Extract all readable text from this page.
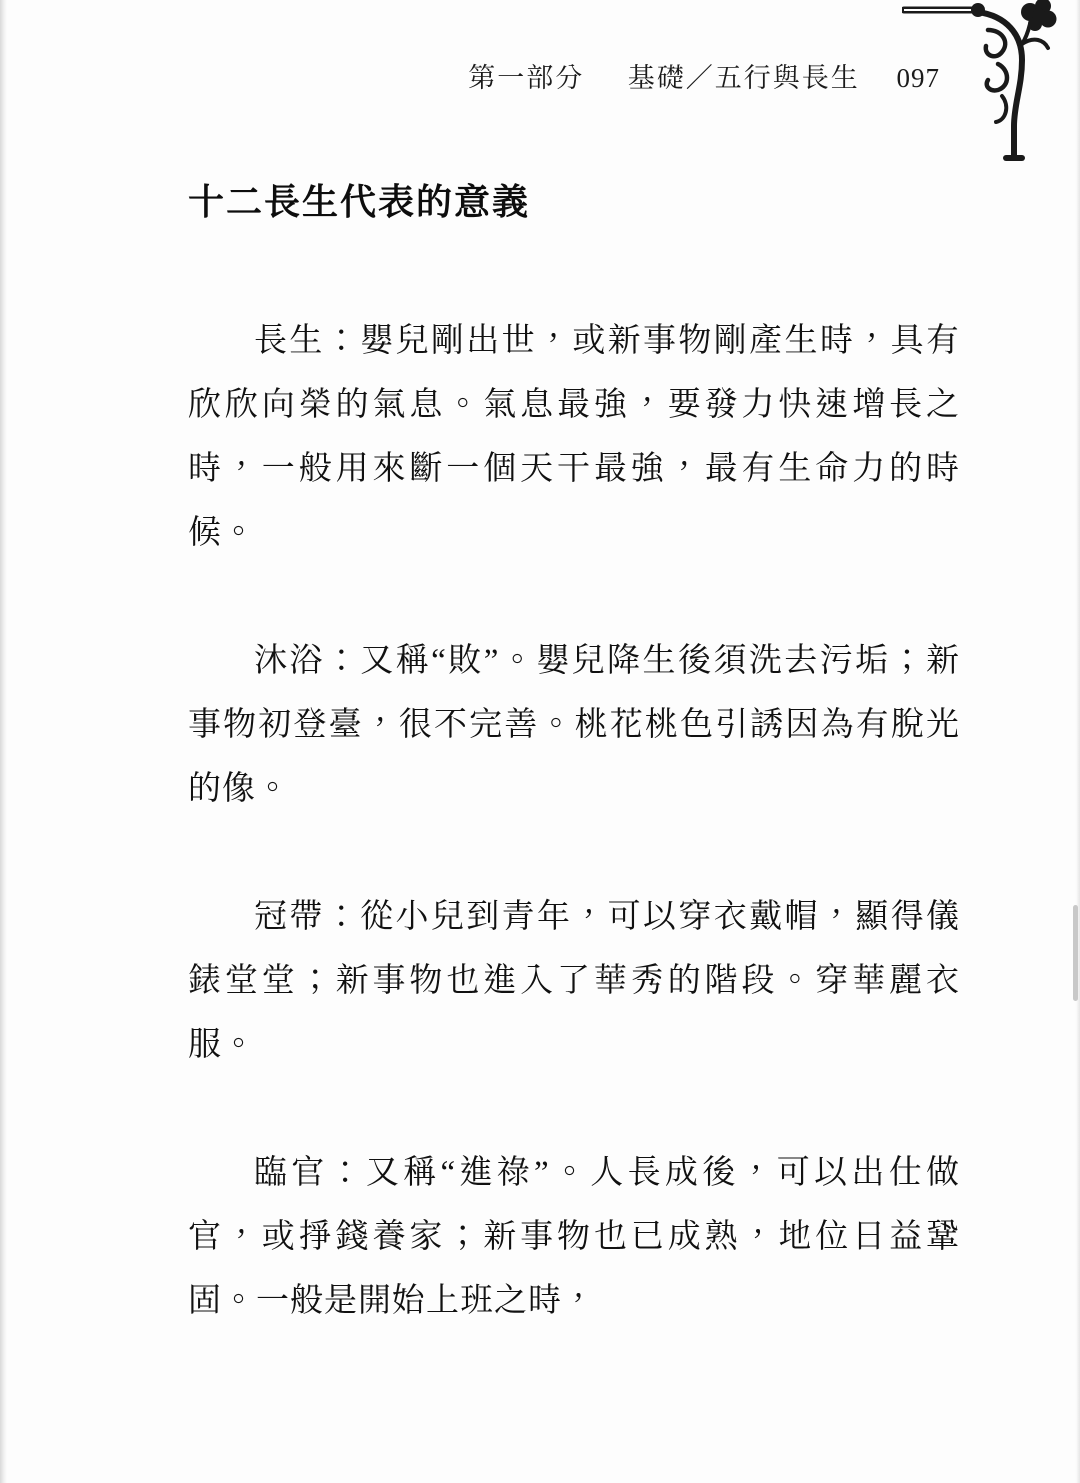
第一部分 基礎／五行與長生 097
十二長生代表的意義

長生：嬰兒剛出世，或新事物剛產生時，具有欣欣向榮的氣息。氣息最強，要發力快速增長之時，一般用來斷一個天干最強，最有生命力的時候。

沐浴：又稱“敗”。嬰兒降生後須洗去污垢；新事物初登臺，很不完善。桃花桃色引誘因為有脫光的像。

冠帶：從小兒到青年，可以穿衣戴帽，顯得儀錶堂堂；新事物也進入了華秀的階段。穿華麗衣服。

臨官：又稱“進祿”。人長成後，可以出仕做官，或掙錢養家；新事物也已成熟，地位日益鞏固。一般是開始上班之時，
